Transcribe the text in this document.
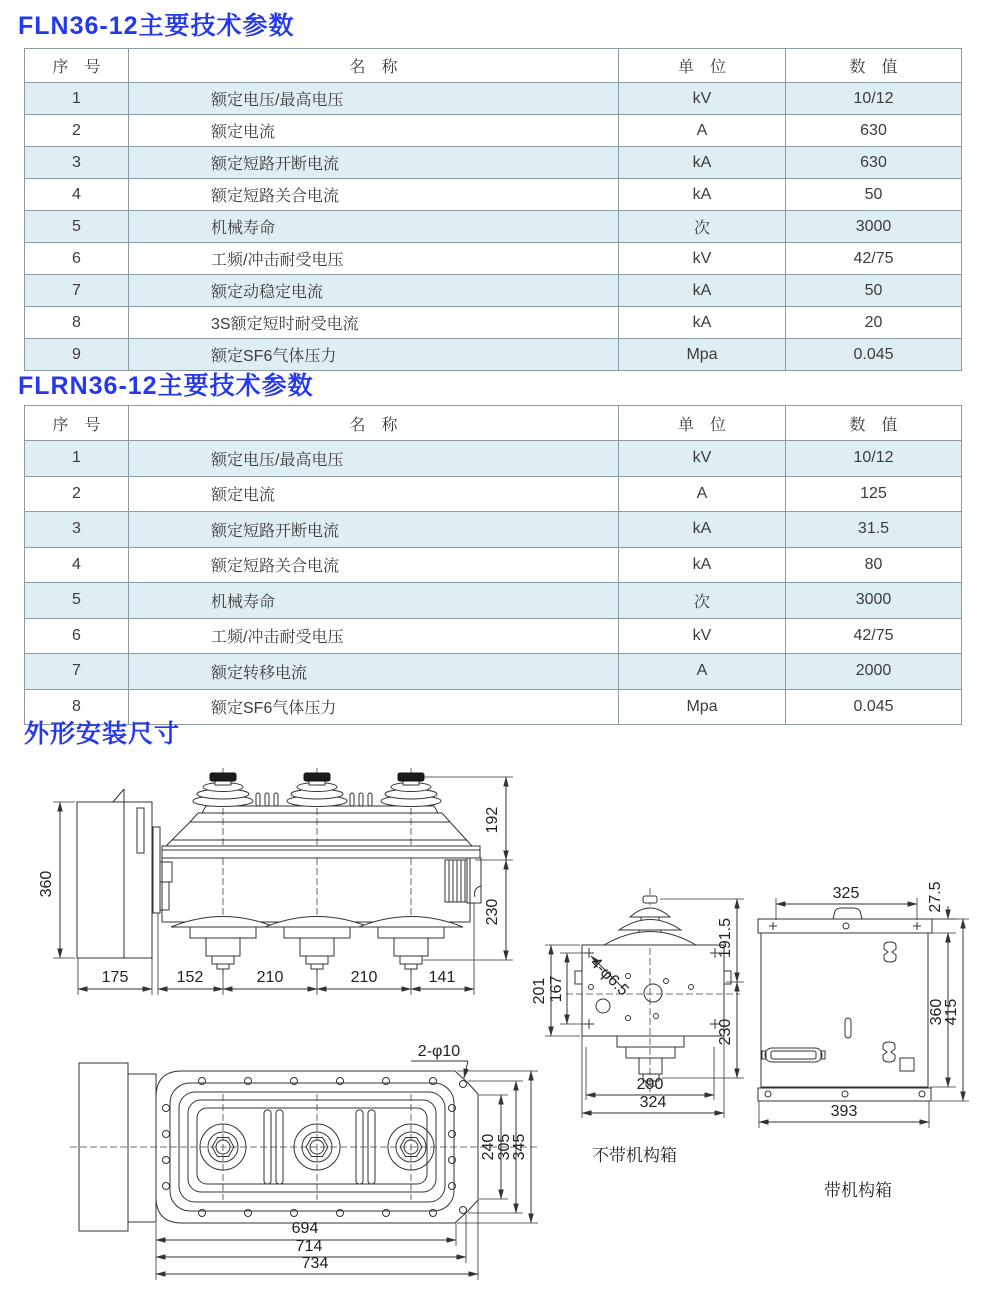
FLN36-12主要技术参数
序　号	名　称	单　位	数　值
1	额定电压/最高电压	kV	10/12
2	额定电流	A	630
3	额定短路开断电流	kA	630
4	额定短路关合电流	kA	50
5	机械寿命	次	3000
6	工频/冲击耐受电压	kV	42/75
7	额定动稳定电流	kA	50
8	3S额定短时耐受电流	kA	20
9	额定SF6气体压力	Mpa	0.045
FLRN36-12主要技术参数
序　号	名　称	单　位	数　值
1	额定电压/最高电压	kV	10/12
2	额定电流	A	125
3	额定短路开断电流	kA	31.5
4	额定短路关合电流	kA	80
5	机械寿命	次	3000
6	工频/冲击耐受电压	kV	42/75
7	额定转移电流	A	2000
8	额定SF6气体压力	Mpa	0.045
外形安装尺寸
360
175	152	210	210	141
192
230
2-φ10
240 305
345
694
714
734
4-φ6.5
201 167
191.5
230
290
324
不带机构箱
325	27.5
360
415
393
带机构箱
